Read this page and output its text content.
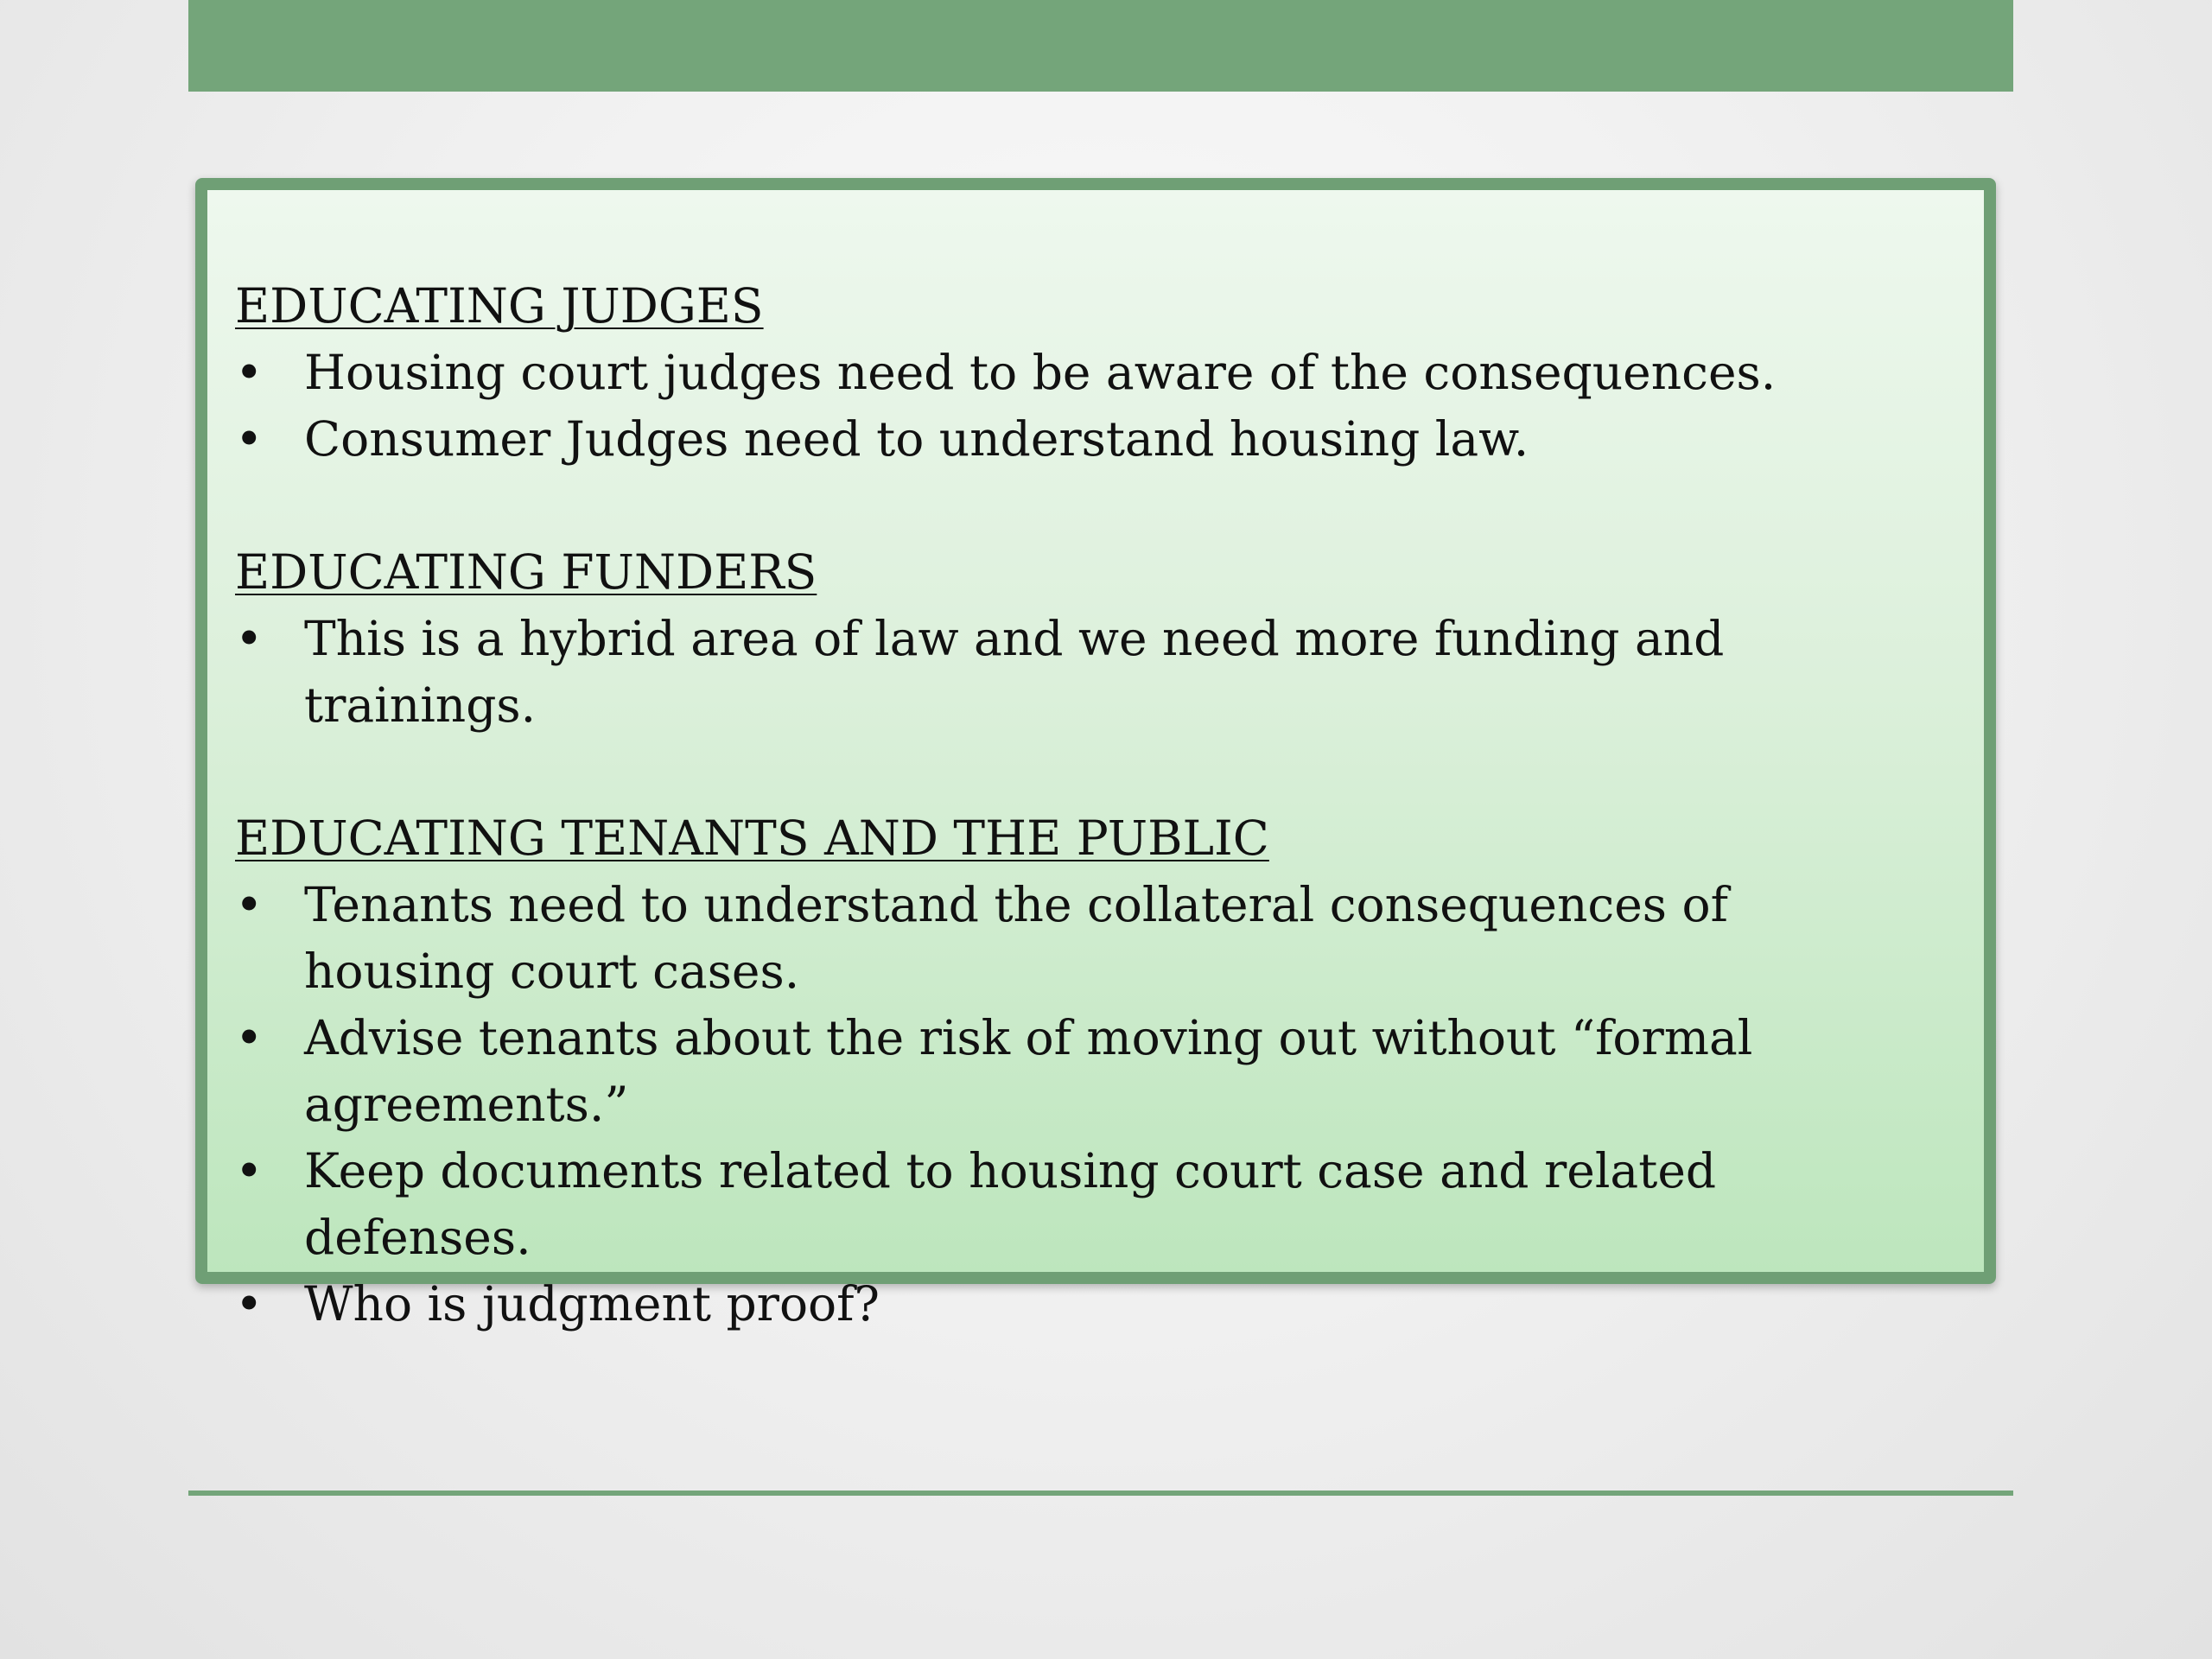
EDUCATING JUDGES
• Housing court judges need to be aware of the consequences.
• Consumer Judges need to understand housing law.
EDUCATING FUNDERS
• This is a hybrid area of law and we need more funding and trainings.
EDUCATING TENANTS AND THE PUBLIC
• Tenants need to understand the collateral consequences of housing court cases.
• Advise tenants about the risk of moving out without “formal agreements.”
• Keep documents related to housing court case and related defenses.
• Who is judgment proof?
